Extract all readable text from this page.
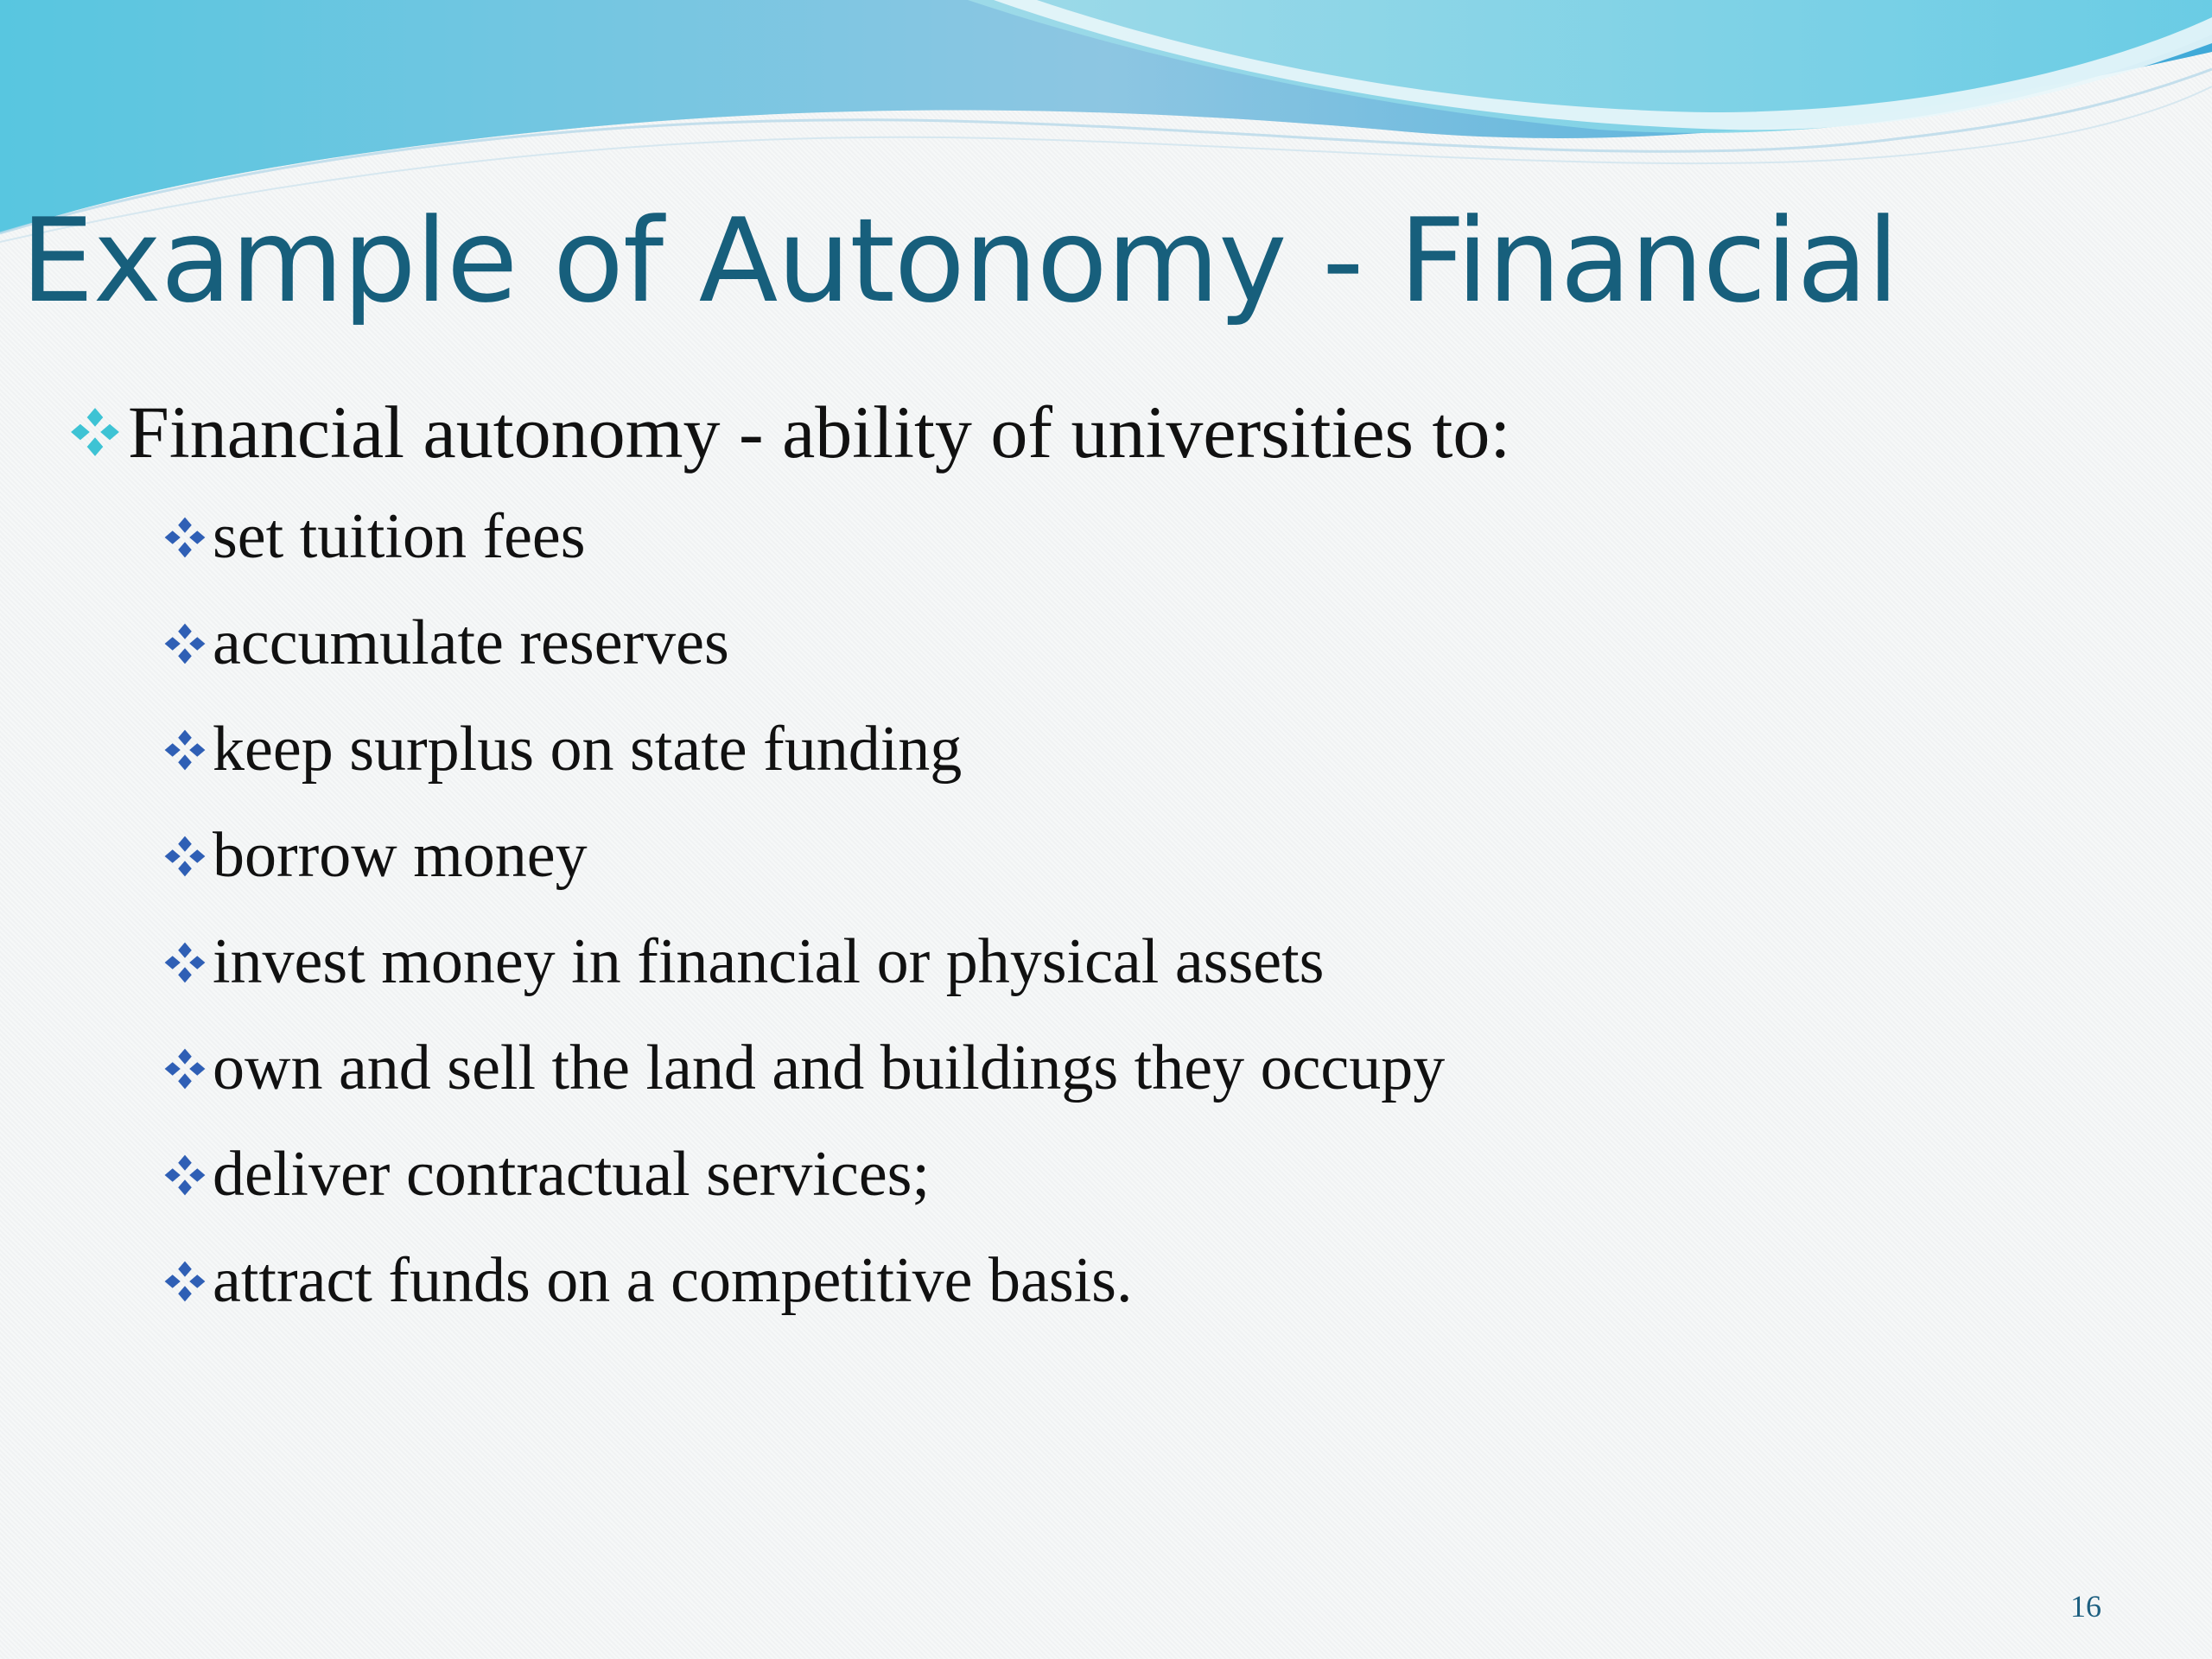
Example of Autonomy - Financial
Financial autonomy - ability of universities to:
set tuition fees
accumulate reserves
keep surplus on state funding
borrow money
invest money in financial or physical assets
own and sell the land and buildings they occupy
deliver contractual services;
attract funds on a competitive basis.
16
